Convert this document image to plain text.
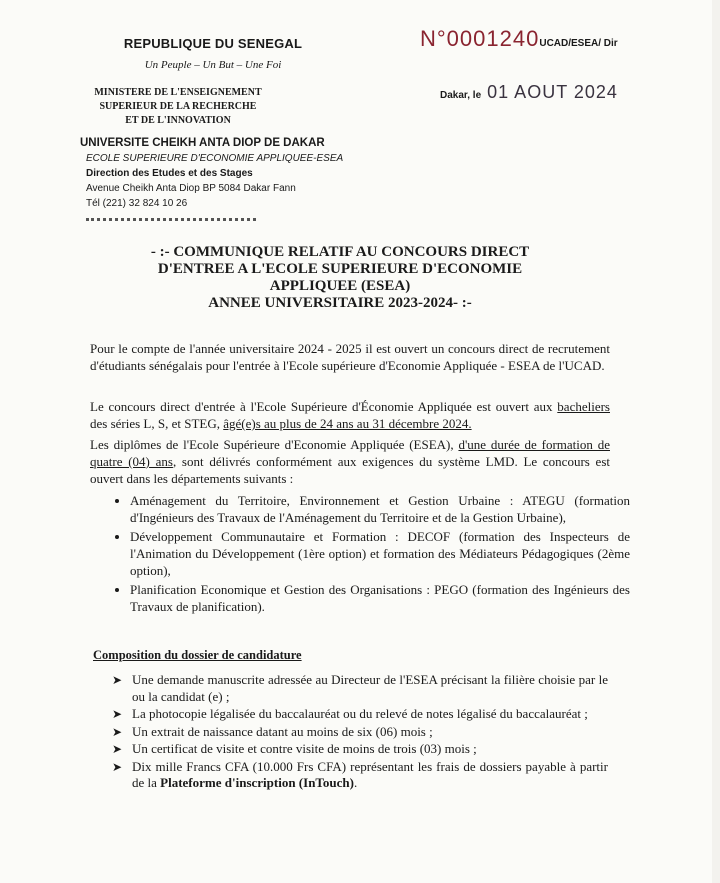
REPUBLIQUE DU SENEGAL
Un Peuple – Un But – Une Foi
MINISTERE DE L'ENSEIGNEMENT
SUPERIEUR DE LA RECHERCHE
ET DE L'INNOVATION
UNIVERSITE CHEIKH ANTA DIOP DE DAKAR
ECOLE SUPERIEURE D'ECONOMIE APPLIQUEE-ESEA
Direction des Etudes et des Stages
Avenue Cheikh Anta Diop BP 5084 Dakar Fann
Tél (221) 32 824 10 26
N°0001240UCAD/ESEA/ Dir
Dakar, le 01 AOUT 2024
- :- COMMUNIQUE RELATIF AU CONCOURS DIRECT
D'ENTREE A L'ECOLE SUPERIEURE D'ECONOMIE
APPLIQUEE (ESEA)
ANNEE UNIVERSITAIRE 2023-2024- :-
Pour le compte de l'année universitaire 2024 - 2025 il est ouvert un concours direct de recrutement d'étudiants sénégalais pour l'entrée à l'Ecole supérieure d'Economie Appliquée - ESEA de l'UCAD.
Le concours direct d'entrée à l'Ecole Supérieure d'Économie Appliquée est ouvert aux bacheliers des séries L, S, et STEG, âgé(e)s au plus de 24 ans au 31 décembre 2024.
Les diplômes de l'Ecole Supérieure d'Economie Appliquée (ESEA), d'une durée de formation de quatre (04) ans, sont délivrés conformément aux exigences du système LMD. Le concours est ouvert dans les départements suivants :
• Aménagement du Territoire, Environnement et Gestion Urbaine : ATEGU (formation d'Ingénieurs des Travaux de l'Aménagement du Territoire et de la Gestion Urbaine),
• Développement Communautaire et Formation : DECOF (formation des Inspecteurs de l'Animation du Développement (1ère option) et formation des Médiateurs Pédagogiques (2ème option),
• Planification Economique et Gestion des Organisations : PEGO (formation des Ingénieurs des Travaux de planification).
Composition du dossier de candidature
➤ Une demande manuscrite adressée au Directeur de l'ESEA précisant la filière choisie par le ou la candidat (e) ;
➤ La photocopie légalisée du baccalauréat ou du relevé de notes légalisé du baccalauréat ;
➤ Un extrait de naissance datant au moins de six (06) mois ;
➤ Un certificat de visite et contre visite de moins de trois (03) mois ;
➤ Dix mille Francs CFA (10.000 Frs CFA) représentant les frais de dossiers payable à partir de la Plateforme d'inscription (InTouch).
